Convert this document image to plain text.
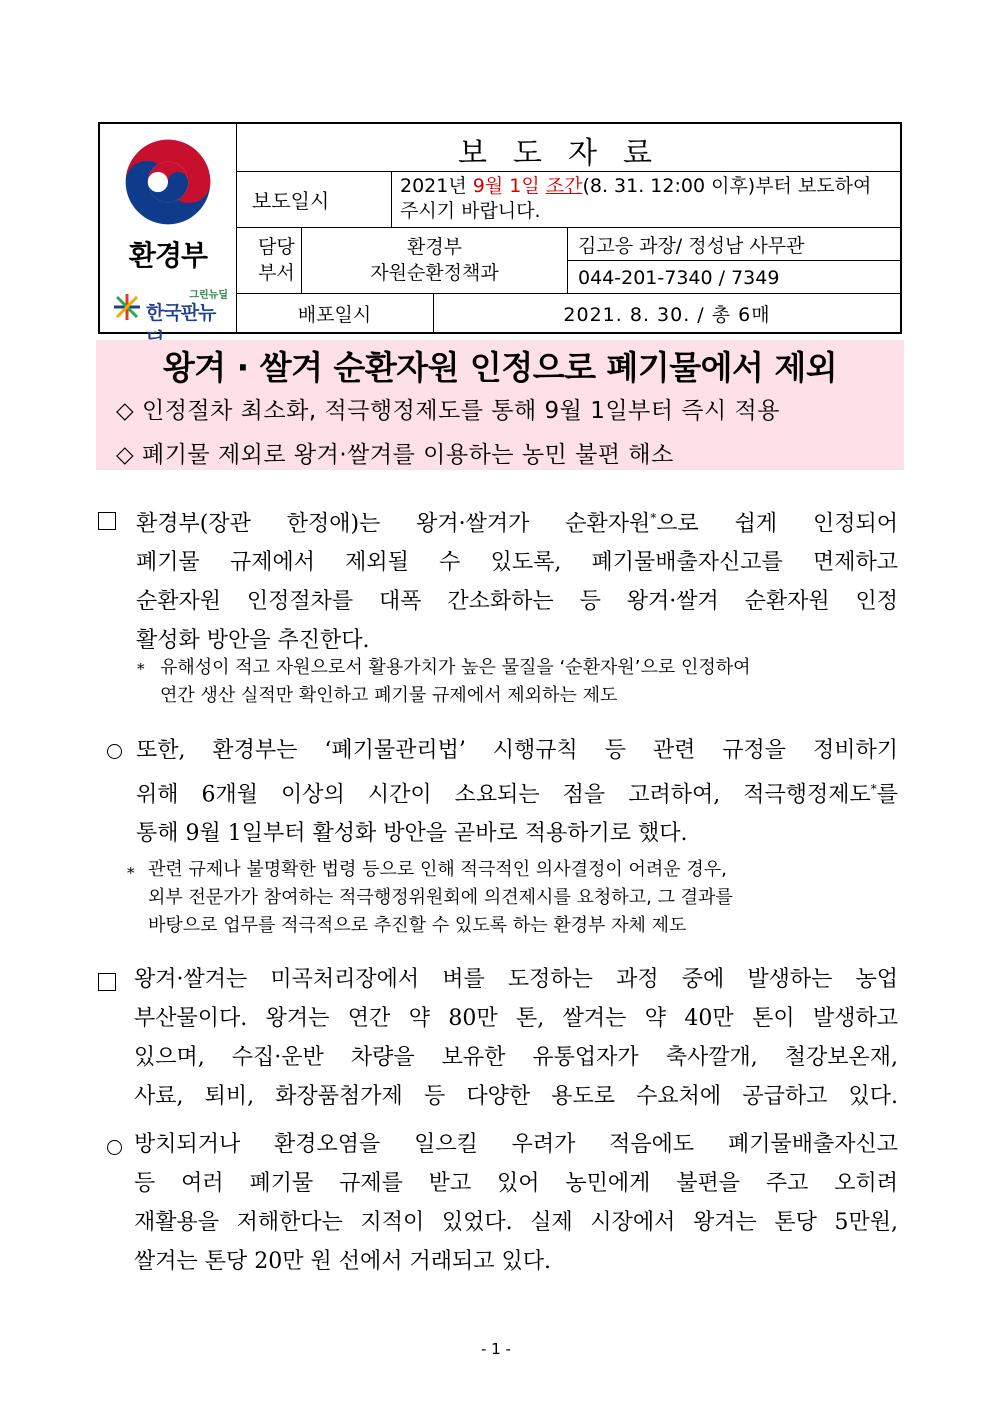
환경부
그린뉴딜
한국판뉴
보도자료
보도일시
2021년 9월 1일 조간(8. 31. 12:00 이후)부터 보도하여
주시기 바랍니다.
담당
부서
환경부
자원순환정책과
김고응 과장/ 정성남 사무관
044-201-7340 / 7349
배포일시	2021. 8. 30. / 총 6매
왕겨 · 쌀겨 순환자원 인정으로 폐기물에서 제외
◇ 인정절차 최소화, 적극행정제도를 통해 9월 1일부터 즉시 적용
◇ 폐기물 제외로 왕겨·쌀겨를 이용하는 농민 불편 해소
환경부(장관 한정애)는 왕겨·쌀겨가 순환자원*으로 쉽게 인정되어
폐기물 규제에서 제외될 수 있도록, 폐기물배출자신고를 면제하고
순환자원 인정절차를 대폭 간소화하는 등 왕겨·쌀겨 순환자원 인정
활성화 방안을 추진한다.
* 유해성이 적고 자원으로서 활용가치가 높은 물질을 ‘순환자원’으로 인정하여
연간 생산 실적만 확인하고 폐기물 규제에서 제외하는 제도
또한, 환경부는 ‘폐기물관리법’ 시행규칙 등 관련 규정을 정비하기
위해 6개월 이상의 시간이 소요되는 점을 고려하여, 적극행정제도*를
통해 9월 1일부터 활성화 방안을 곧바로 적용하기로 했다.
* 관련 규제나 불명확한 법령 등으로 인해 적극적인 의사결정이 어려운 경우,
외부 전문가가 참여하는 적극행정위원회에 의견제시를 요청하고, 그 결과를
바탕으로 업무를 적극적으로 추진할 수 있도록 하는 환경부 자체 제도
왕겨·쌀겨는 미곡처리장에서 벼를 도정하는 과정 중에 발생하는 농업
부산물이다. 왕겨는 연간 약 80만 톤, 쌀겨는 약 40만 톤이 발생하고
있으며, 수집·운반 차량을 보유한 유통업자가 축사깔개, 철강보온재,
사료, 퇴비, 화장품첨가제 등 다양한 용도로 수요처에 공급하고 있다.
방치되거나 환경오염을 일으킬 우려가 적음에도 폐기물배출자신고
등 여러 폐기물 규제를 받고 있어 농민에게 불편을 주고 오히려
재활용을 저해한다는 지적이 있었다. 실제 시장에서 왕겨는 톤당 5만원,
쌀겨는 톤당 20만 원 선에서 거래되고 있다.
- 1 -
